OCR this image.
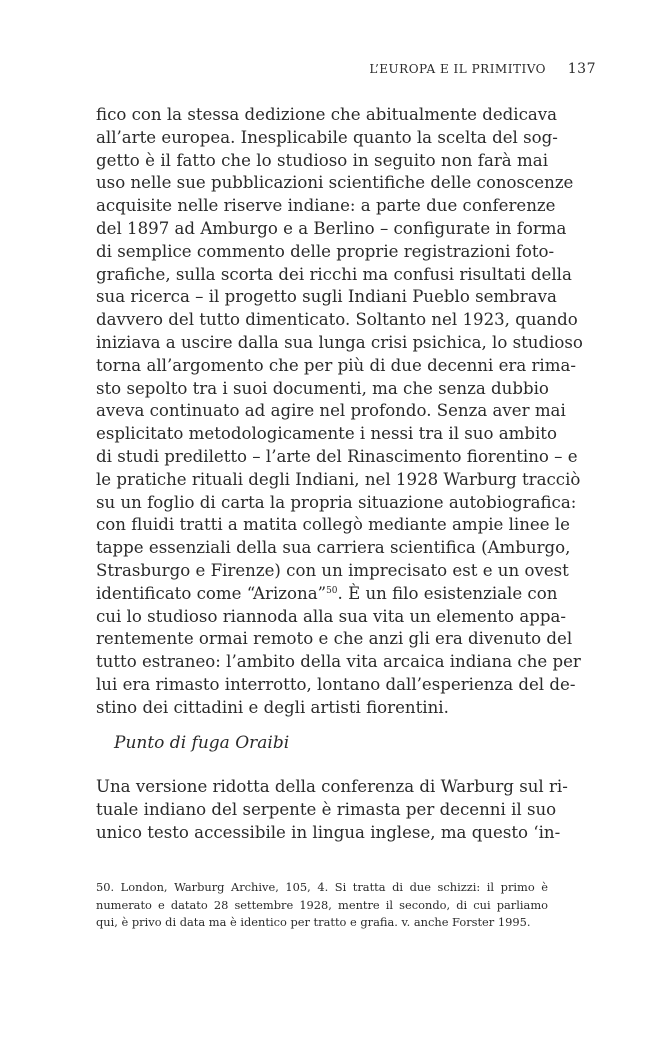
L’EUROPA E IL PRIMITIVO 137
fico con la stessa dedizione che abitualmente dedicava
all’arte europea. Inesplicabile quanto la scelta del sog-
getto è il fatto che lo studioso in seguito non farà mai
uso nelle sue pubblicazioni scientifiche delle conoscenze
acquisite nelle riserve indiane: a parte due conferenze
del 1897 ad Amburgo e a Berlino – configurate in forma
di semplice commento delle proprie registrazioni foto-
grafiche, sulla scorta dei ricchi ma confusi risultati della
sua ricerca – il progetto sugli Indiani Pueblo sembrava
davvero del tutto dimenticato. Soltanto nel 1923, quando
iniziava a uscire dalla sua lunga crisi psichica, lo studioso
torna all’argomento che per più di due decenni era rima-
sto sepolto tra i suoi documenti, ma che senza dubbio
aveva continuato ad agire nel profondo. Senza aver mai
esplicitato metodologicamente i nessi tra il suo ambito
di studi prediletto – l’arte del Rinascimento fiorentino – e
le pratiche rituali degli Indiani, nel 1928 Warburg tracciò
su un foglio di carta la propria situazione autobiografica:
con fluidi tratti a matita collegò mediante ampie linee le
tappe essenziali della sua carriera scientifica (Amburgo,
Strasburgo e Firenze) con un imprecisato est e un ovest
identificato come “Arizona”$^{50}$. È un filo esistenziale con
cui lo studioso riannoda alla sua vita un elemento appa-
rentemente ormai remoto e che anzi gli era divenuto del
tutto estraneo: l’ambito della vita arcaica indiana che per
lui era rimasto interrotto, lontano dall’esperienza del de-
stino dei cittadini e degli artisti fiorentini.
Punto di fuga Oraibi
Una versione ridotta della conferenza di Warburg sul ri-
tuale indiano del serpente è rimasta per decenni il suo
unico testo accessibile in lingua inglese, ma questo ‘in-
50. London, Warburg Archive, 105, 4. Si tratta di due schizzi: il primo è
numerato e datato 28 settembre 1928, mentre il secondo, di cui parliamo
qui, è privo di data ma è identico per tratto e grafia. v. anche Forster 1995.
